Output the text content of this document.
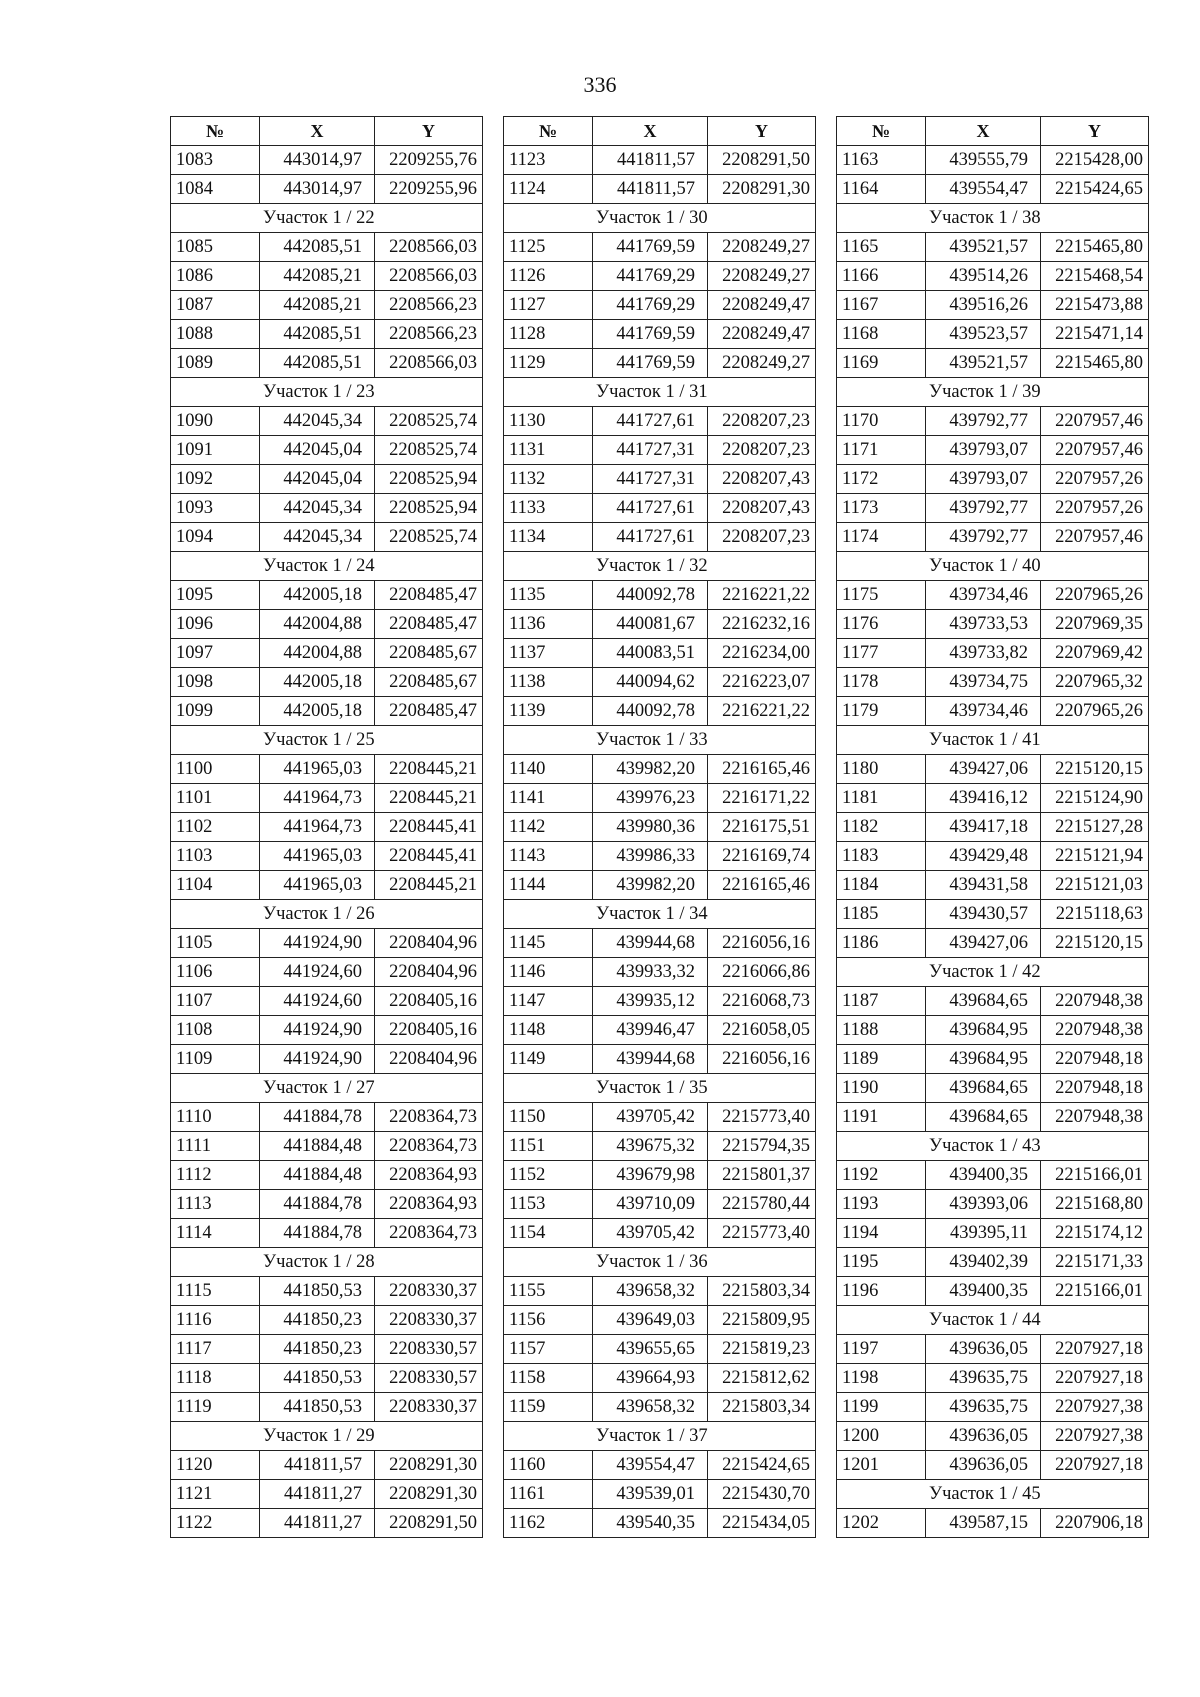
336
№	X	Y
1083	443014,97	2209255,76
1084	443014,97	2209255,96
Участок 1 / 22		
1085	442085,51	2208566,03
1086	442085,21	2208566,03
1087	442085,21	2208566,23
1088	442085,51	2208566,23
1089	442085,51	2208566,03
Участок 1 / 23		
1090	442045,34	2208525,74
1091	442045,04	2208525,74
1092	442045,04	2208525,94
1093	442045,34	2208525,94
1094	442045,34	2208525,74
Участок 1 / 24		
1095	442005,18	2208485,47
1096	442004,88	2208485,47
1097	442004,88	2208485,67
1098	442005,18	2208485,67
1099	442005,18	2208485,47
Участок 1 / 25		
1100	441965,03	2208445,21
1101	441964,73	2208445,21
1102	441964,73	2208445,41
1103	441965,03	2208445,41
1104	441965,03	2208445,21
Участок 1 / 26		
1105	441924,90	2208404,96
1106	441924,60	2208404,96
1107	441924,60	2208405,16
1108	441924,90	2208405,16
1109	441924,90	2208404,96
Участок 1 / 27		
1110	441884,78	2208364,73
1111	441884,48	2208364,73
1112	441884,48	2208364,93
1113	441884,78	2208364,93
1114	441884,78	2208364,73
Участок 1 / 28		
1115	441850,53	2208330,37
1116	441850,23	2208330,37
1117	441850,23	2208330,57
1118	441850,53	2208330,57
1119	441850,53	2208330,37
Участок 1 / 29		
1120	441811,57	2208291,30
1121	441811,27	2208291,30
1122	441811,27	2208291,50
№	X	Y
1123	441811,57	2208291,50
1124	441811,57	2208291,30
Участок 1 / 30		
1125	441769,59	2208249,27
1126	441769,29	2208249,27
1127	441769,29	2208249,47
1128	441769,59	2208249,47
1129	441769,59	2208249,27
Участок 1 / 31		
1130	441727,61	2208207,23
1131	441727,31	2208207,23
1132	441727,31	2208207,43
1133	441727,61	2208207,43
1134	441727,61	2208207,23
Участок 1 / 32		
1135	440092,78	2216221,22
1136	440081,67	2216232,16
1137	440083,51	2216234,00
1138	440094,62	2216223,07
1139	440092,78	2216221,22
Участок 1 / 33		
1140	439982,20	2216165,46
1141	439976,23	2216171,22
1142	439980,36	2216175,51
1143	439986,33	2216169,74
1144	439982,20	2216165,46
Участок 1 / 34		
1145	439944,68	2216056,16
1146	439933,32	2216066,86
1147	439935,12	2216068,73
1148	439946,47	2216058,05
1149	439944,68	2216056,16
Участок 1 / 35		
1150	439705,42	2215773,40
1151	439675,32	2215794,35
1152	439679,98	2215801,37
1153	439710,09	2215780,44
1154	439705,42	2215773,40
Участок 1 / 36		
1155	439658,32	2215803,34
1156	439649,03	2215809,95
1157	439655,65	2215819,23
1158	439664,93	2215812,62
1159	439658,32	2215803,34
Участок 1 / 37		
1160	439554,47	2215424,65
1161	439539,01	2215430,70
1162	439540,35	2215434,05
№	X	Y
1163	439555,79	2215428,00
1164	439554,47	2215424,65
Участок 1 / 38		
1165	439521,57	2215465,80
1166	439514,26	2215468,54
1167	439516,26	2215473,88
1168	439523,57	2215471,14
1169	439521,57	2215465,80
Участок 1 / 39		
1170	439792,77	2207957,46
1171	439793,07	2207957,46
1172	439793,07	2207957,26
1173	439792,77	2207957,26
1174	439792,77	2207957,46
Участок 1 / 40		
1175	439734,46	2207965,26
1176	439733,53	2207969,35
1177	439733,82	2207969,42
1178	439734,75	2207965,32
1179	439734,46	2207965,26
Участок 1 / 41		
1180	439427,06	2215120,15
1181	439416,12	2215124,90
1182	439417,18	2215127,28
1183	439429,48	2215121,94
1184	439431,58	2215121,03
1185	439430,57	2215118,63
1186	439427,06	2215120,15
Участок 1 / 42		
1187	439684,65	2207948,38
1188	439684,95	2207948,38
1189	439684,95	2207948,18
1190	439684,65	2207948,18
1191	439684,65	2207948,38
Участок 1 / 43		
1192	439400,35	2215166,01
1193	439393,06	2215168,80
1194	439395,11	2215174,12
1195	439402,39	2215171,33
1196	439400,35	2215166,01
Участок 1 / 44		
1197	439636,05	2207927,18
1198	439635,75	2207927,18
1199	439635,75	2207927,38
1200	439636,05	2207927,38
1201	439636,05	2207927,18
Участок 1 / 45		
1202	439587,15	2207906,18
